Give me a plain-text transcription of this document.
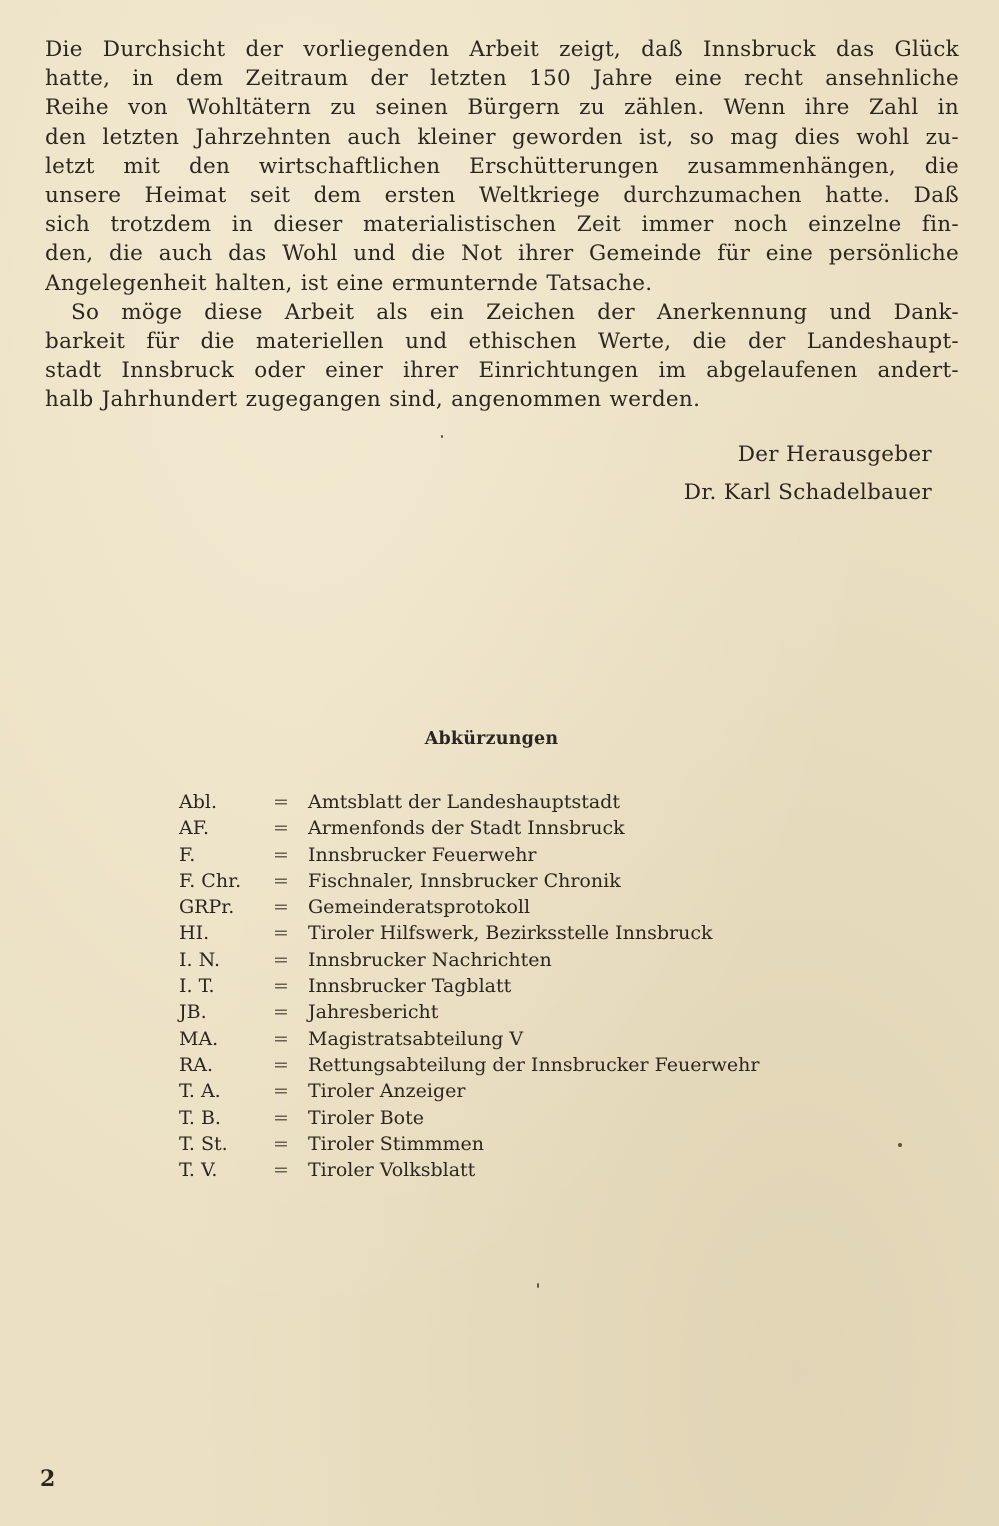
Die Durchsicht der vorliegenden Arbeit zeigt, daß Innsbruck das Glück
hatte, in dem Zeitraum der letzten 150 Jahre eine recht ansehnliche
Reihe von Wohltätern zu seinen Bürgern zu zählen. Wenn ihre Zahl in
den letzten Jahrzehnten auch kleiner geworden ist, so mag dies wohl zu-
letzt mit den wirtschaftlichen Erschütterungen zusammenhängen, die
unsere Heimat seit dem ersten Weltkriege durchzumachen hatte. Daß
sich trotzdem in dieser materialistischen Zeit immer noch einzelne fin-
den, die auch das Wohl und die Not ihrer Gemeinde für eine persönliche
Angelegenheit halten, ist eine ermunternde Tatsache.
So möge diese Arbeit als ein Zeichen der Anerkennung und Dank-
barkeit für die materiellen und ethischen Werte, die der Landeshaupt-
stadt Innsbruck oder einer ihrer Einrichtungen im abgelaufenen andert-
halb Jahrhundert zugegangen sind, angenommen werden.
Der Herausgeber
Dr. Karl Schadelbauer
Abkürzungen
Abl.	=	Amtsblatt der Landeshauptstadt
AF.	=	Armenfonds der Stadt Innsbruck
F.	=	Innsbrucker Feuerwehr
F. Chr.	=	Fischnaler, Innsbrucker Chronik
GRPr.	=	Gemeinderatsprotokoll
HI.	=	Tiroler Hilfswerk, Bezirksstelle Innsbruck
I. N.	=	Innsbrucker Nachrichten
I. T.	=	Innsbrucker Tagblatt
JB.	=	Jahresbericht
MA.	=	Magistratsabteilung V
RA.	=	Rettungsabteilung der Innsbrucker Feuerwehr
T. A.	=	Tiroler Anzeiger
T. B.	=	Tiroler Bote
T. St.	=	Tiroler Stimmmen
T. V.	=	Tiroler Volksblatt
2
